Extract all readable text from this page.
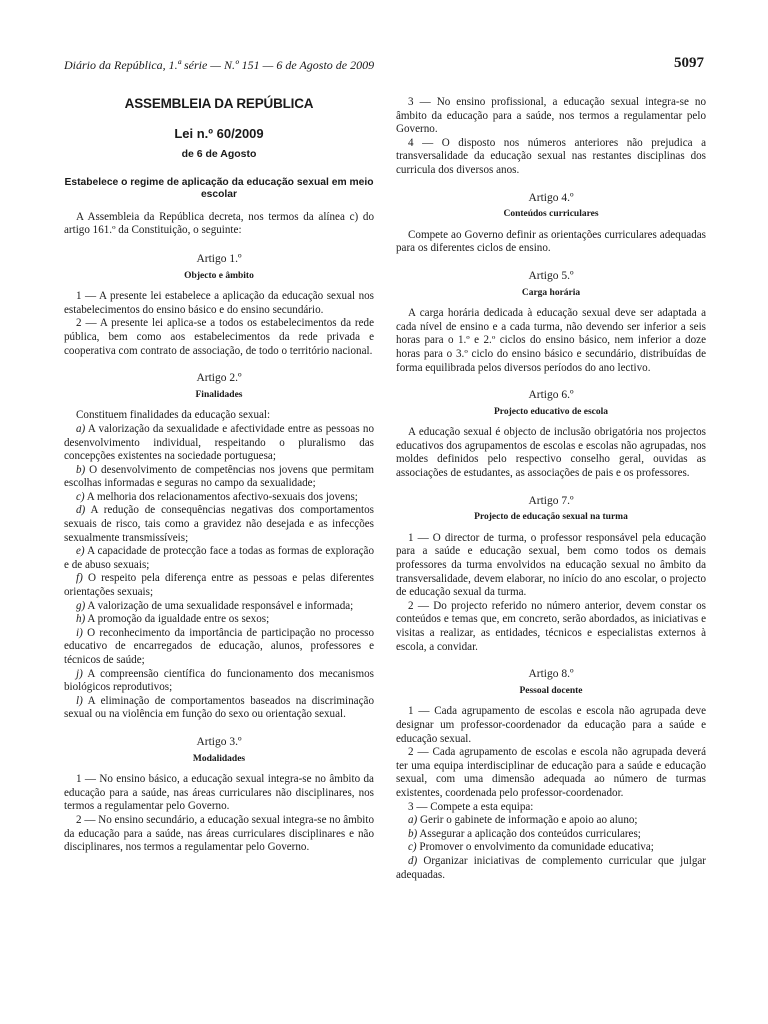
Diário da República, 1.ª série — N.º 151 — 6 de Agosto de 2009	5097
ASSEMBLEIA DA REPÚBLICA
Lei n.º 60/2009
de 6 de Agosto
Estabelece o regime de aplicação da educação sexual em meio escolar

A Assembleia da República decreta, nos termos da alínea c) do artigo 161.º da Constituição, o seguinte:

Artigo 1.º
Objecto e âmbito

1 — A presente lei estabelece a aplicação da educação sexual nos estabelecimentos do ensino básico e do ensino secundário.

2 — A presente lei aplica-se a todos os estabelecimentos da rede pública, bem como aos estabelecimentos da rede privada e cooperativa com contrato de associação, de todo o território nacional.

Artigo 2.º
Finalidades

Constituem finalidades da educação sexual:

a) A valorização da sexualidade e afectividade entre as pessoas no desenvolvimento individual, respeitando o pluralismo das concepções existentes na sociedade portuguesa;

b) O desenvolvimento de competências nos jovens que permitam escolhas informadas e seguras no campo da sexualidade;

c) A melhoria dos relacionamentos afectivo-sexuais dos jovens;

d) A redução de consequências negativas dos comportamentos sexuais de risco, tais como a gravidez não desejada e as infecções sexualmente transmissíveis;

e) A capacidade de protecção face a todas as formas de exploração e de abuso sexuais;

f) O respeito pela diferença entre as pessoas e pelas diferentes orientações sexuais;

g) A valorização de uma sexualidade responsável e informada;

h) A promoção da igualdade entre os sexos;

i) O reconhecimento da importância de participação no processo educativo de encarregados de educação, alunos, professores e técnicos de saúde;

j) A compreensão científica do funcionamento dos mecanismos biológicos reprodutivos;

l) A eliminação de comportamentos baseados na discriminação sexual ou na violência em função do sexo ou orientação sexual.

Artigo 3.º
Modalidades

1 — No ensino básico, a educação sexual integra-se no âmbito da educação para a saúde, nas áreas curriculares não disciplinares, nos termos a regulamentar pelo Governo.

2 — No ensino secundário, a educação sexual integra-se no âmbito da educação para a saúde, nas áreas curriculares disciplinares e não disciplinares, nos termos a regulamentar pelo Governo.

3 — No ensino profissional, a educação sexual integra-se no âmbito da educação para a saúde, nos termos a regulamentar pelo Governo.

4 — O disposto nos números anteriores não prejudica a transversalidade da educação sexual nas restantes disciplinas dos curricula dos diversos anos.

Artigo 4.º
Conteúdos curriculares

Compete ao Governo definir as orientações curriculares adequadas para os diferentes ciclos de ensino.

Artigo 5.º
Carga horária

A carga horária dedicada à educação sexual deve ser adaptada a cada nível de ensino e a cada turma, não devendo ser inferior a seis horas para o 1.º e 2.º ciclos do ensino básico, nem inferior a doze horas para o 3.º ciclo do ensino básico e secundário, distribuídas de forma equilibrada pelos diversos períodos do ano lectivo.

Artigo 6.º
Projecto educativo de escola

A educação sexual é objecto de inclusão obrigatória nos projectos educativos dos agrupamentos de escolas e escolas não agrupadas, nos moldes definidos pelo respectivo conselho geral, ouvidas as associações de estudantes, as associações de pais e os professores.

Artigo 7.º
Projecto de educação sexual na turma

1 — O director de turma, o professor responsável pela educação para a saúde e educação sexual, bem como todos os demais professores da turma envolvidos na educação sexual no âmbito da transversalidade, devem elaborar, no início do ano escolar, o projecto de educação sexual da turma.

2 — Do projecto referido no número anterior, devem constar os conteúdos e temas que, em concreto, serão abordados, as iniciativas e visitas a realizar, as entidades, técnicos e especialistas externos à escola, a convidar.

Artigo 8.º
Pessoal docente

1 — Cada agrupamento de escolas e escola não agrupada deve designar um professor-coordenador da educação para a saúde e educação sexual.

2 — Cada agrupamento de escolas e escola não agrupada deverá ter uma equipa interdisciplinar de educação para a saúde e educação sexual, com uma dimensão adequada ao número de turmas existentes, coordenada pelo professor-coordenador.

3 — Compete a esta equipa:

a) Gerir o gabinete de informação e apoio ao aluno;

b) Assegurar a aplicação dos conteúdos curriculares;

c) Promover o envolvimento da comunidade educativa;

d) Organizar iniciativas de complemento curricular que julgar adequadas.
